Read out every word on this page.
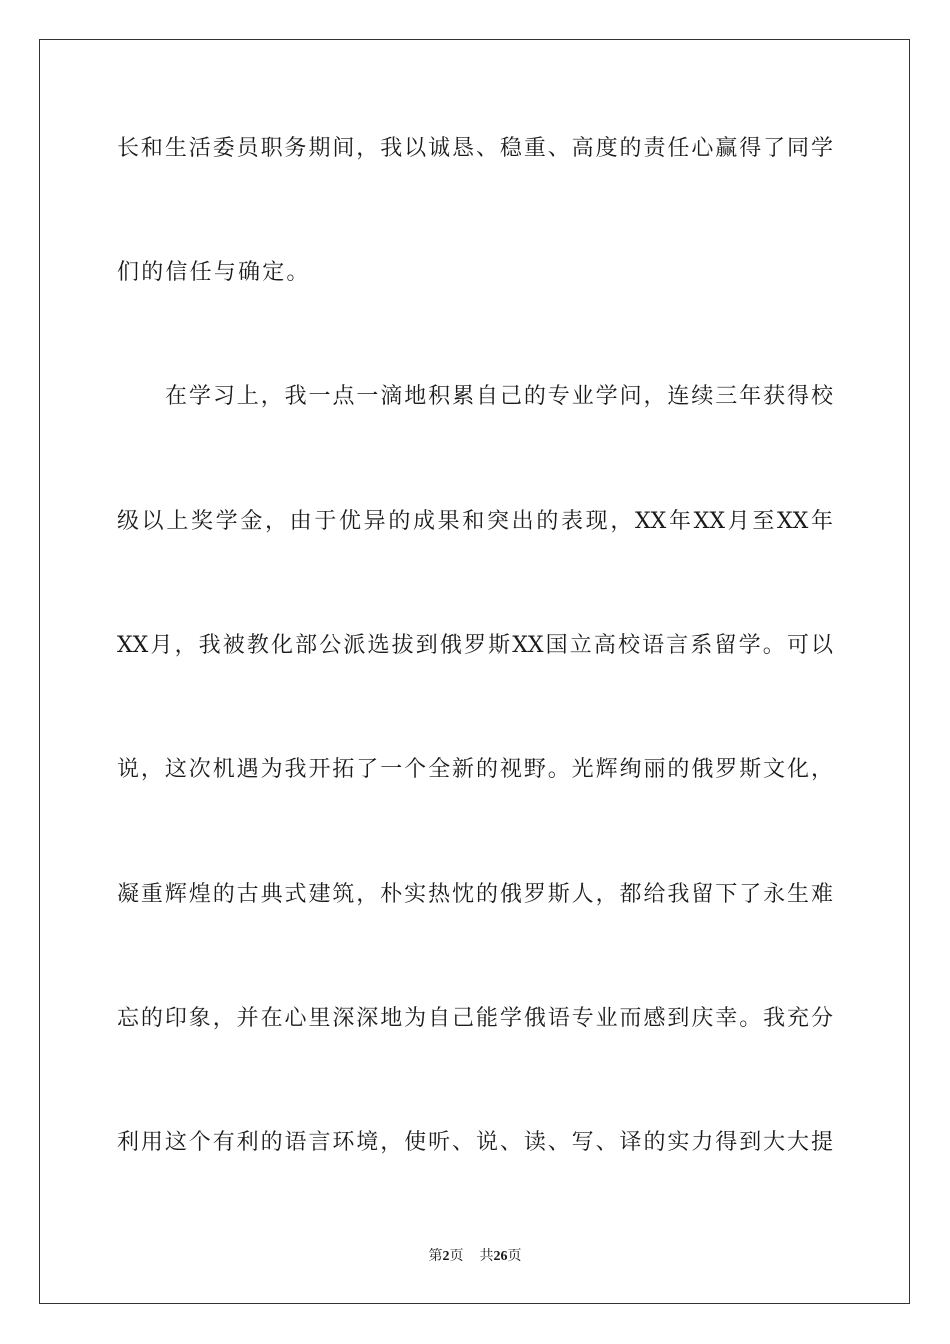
长和生活委员职务期间，我以诚恳、稳重、高度的责任心赢得了同学
们的信任与确定。
在学习上，我一点一滴地积累自己的专业学问，连续三年获得校
级以上奖学金，由于优异的成果和突出的表现，XX年XX月至XX年
XX月，我被教化部公派选拔到俄罗斯XX国立高校语言系留学。可以
说，这次机遇为我开拓了一个全新的视野。光辉绚丽的俄罗斯文化，
凝重辉煌的古典式建筑，朴实热忱的俄罗斯人，都给我留下了永生难
忘的印象，并在心里深深地为自己能学俄语专业而感到庆幸。我充分
利用这个有利的语言环境，使听、说、读、写、译的实力得到大大提
第2页 共26页
